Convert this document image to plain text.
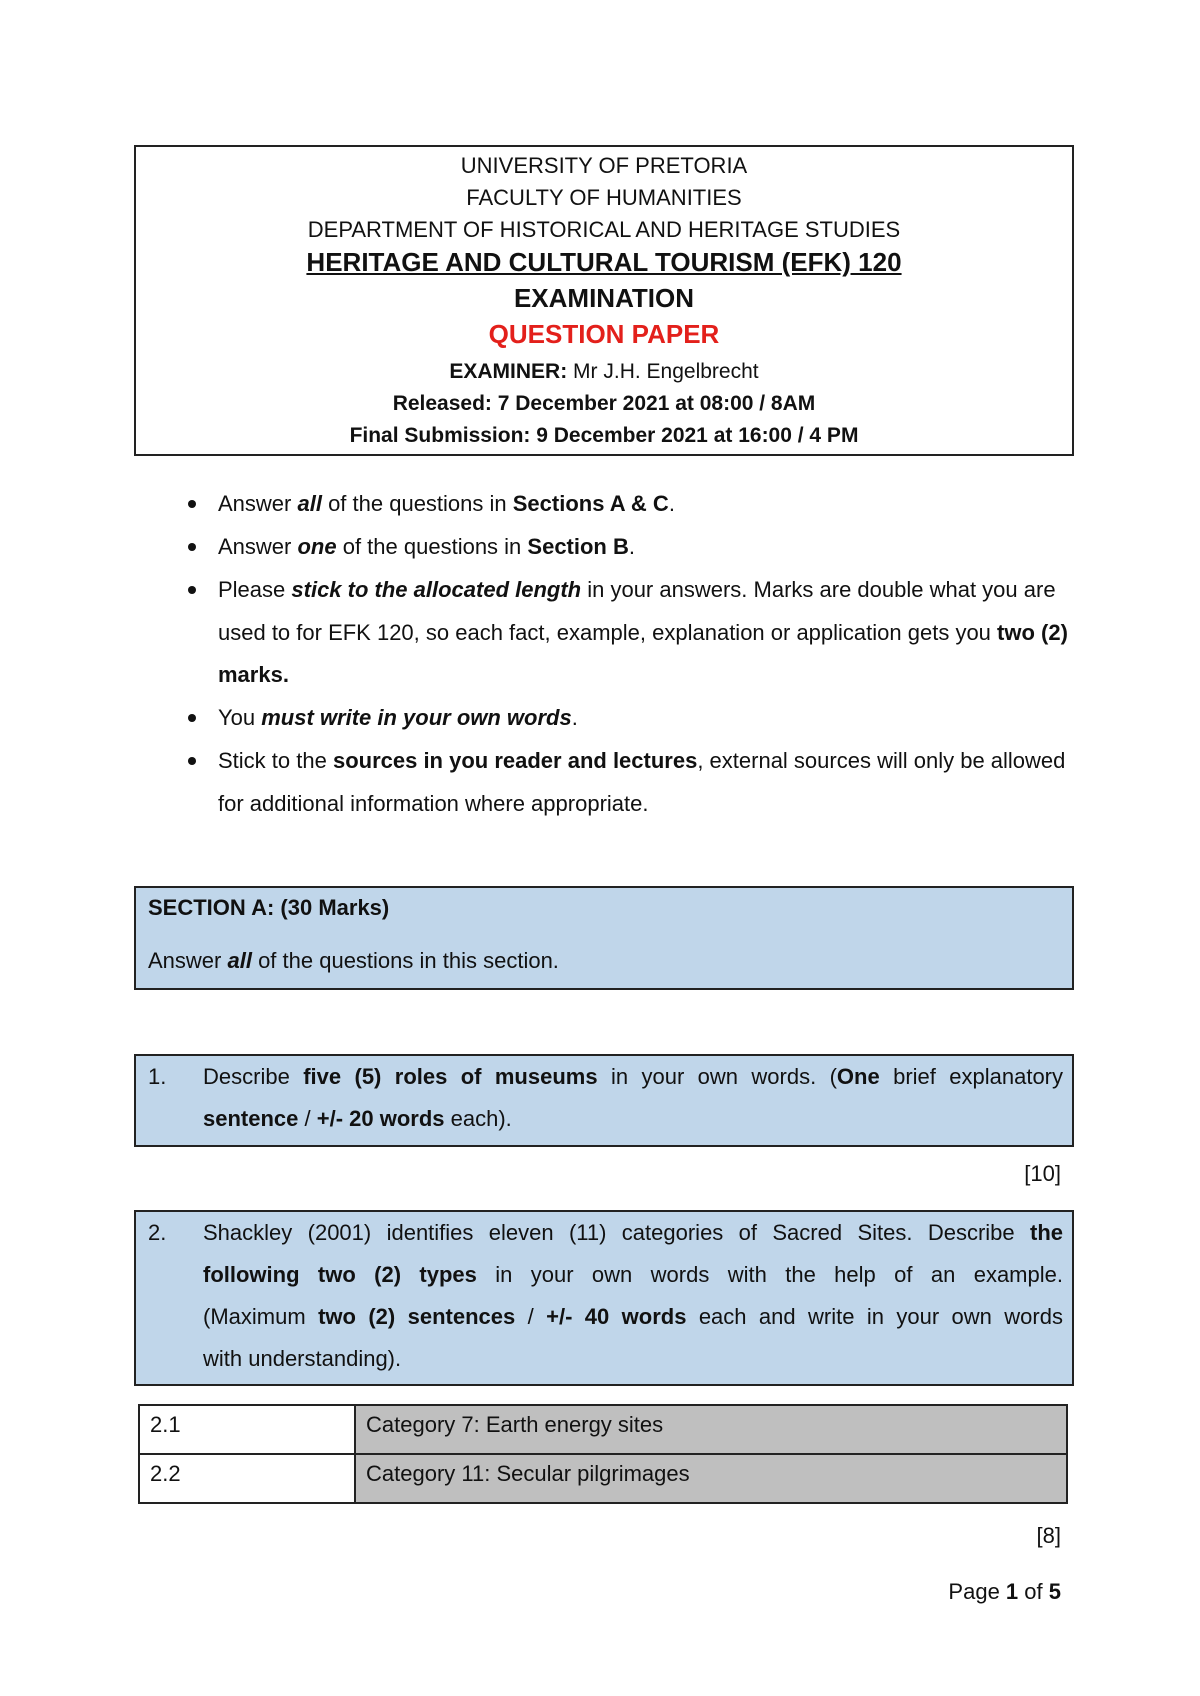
UNIVERSITY OF PRETORIA
FACULTY OF HUMANITIES
DEPARTMENT OF HISTORICAL AND HERITAGE STUDIES
HERITAGE AND CULTURAL TOURISM (EFK) 120
EXAMINATION
QUESTION PAPER
EXAMINER: Mr J.H. Engelbrecht
Released: 7 December 2021 at 08:00 / 8AM
Final Submission: 9 December 2021 at 16:00 / 4 PM
Answer all of the questions in Sections A & C.
Answer one of the questions in Section B.
Please stick to the allocated length in your answers. Marks are double what you are used to for EFK 120, so each fact, example, explanation or application gets you two (2) marks.
You must write in your own words.
Stick to the sources in you reader and lectures, external sources will only be allowed for additional information where appropriate.
SECTION A: (30 Marks)
Answer all of the questions in this section.
1. Describe five (5) roles of museums in your own words. (One brief explanatory
sentence / +/- 20 words each).
[10]
2. Shackley (2001) identifies eleven (11) categories of Sacred Sites. Describe the
following two (2) types in your own words with the help of an example.
(Maximum two (2) sentences / +/- 40 words each and write in your own words
with understanding).
2.1	Category 7: Earth energy sites
2.2	Category 11: Secular pilgrimages
[8]
Page 1 of 5
